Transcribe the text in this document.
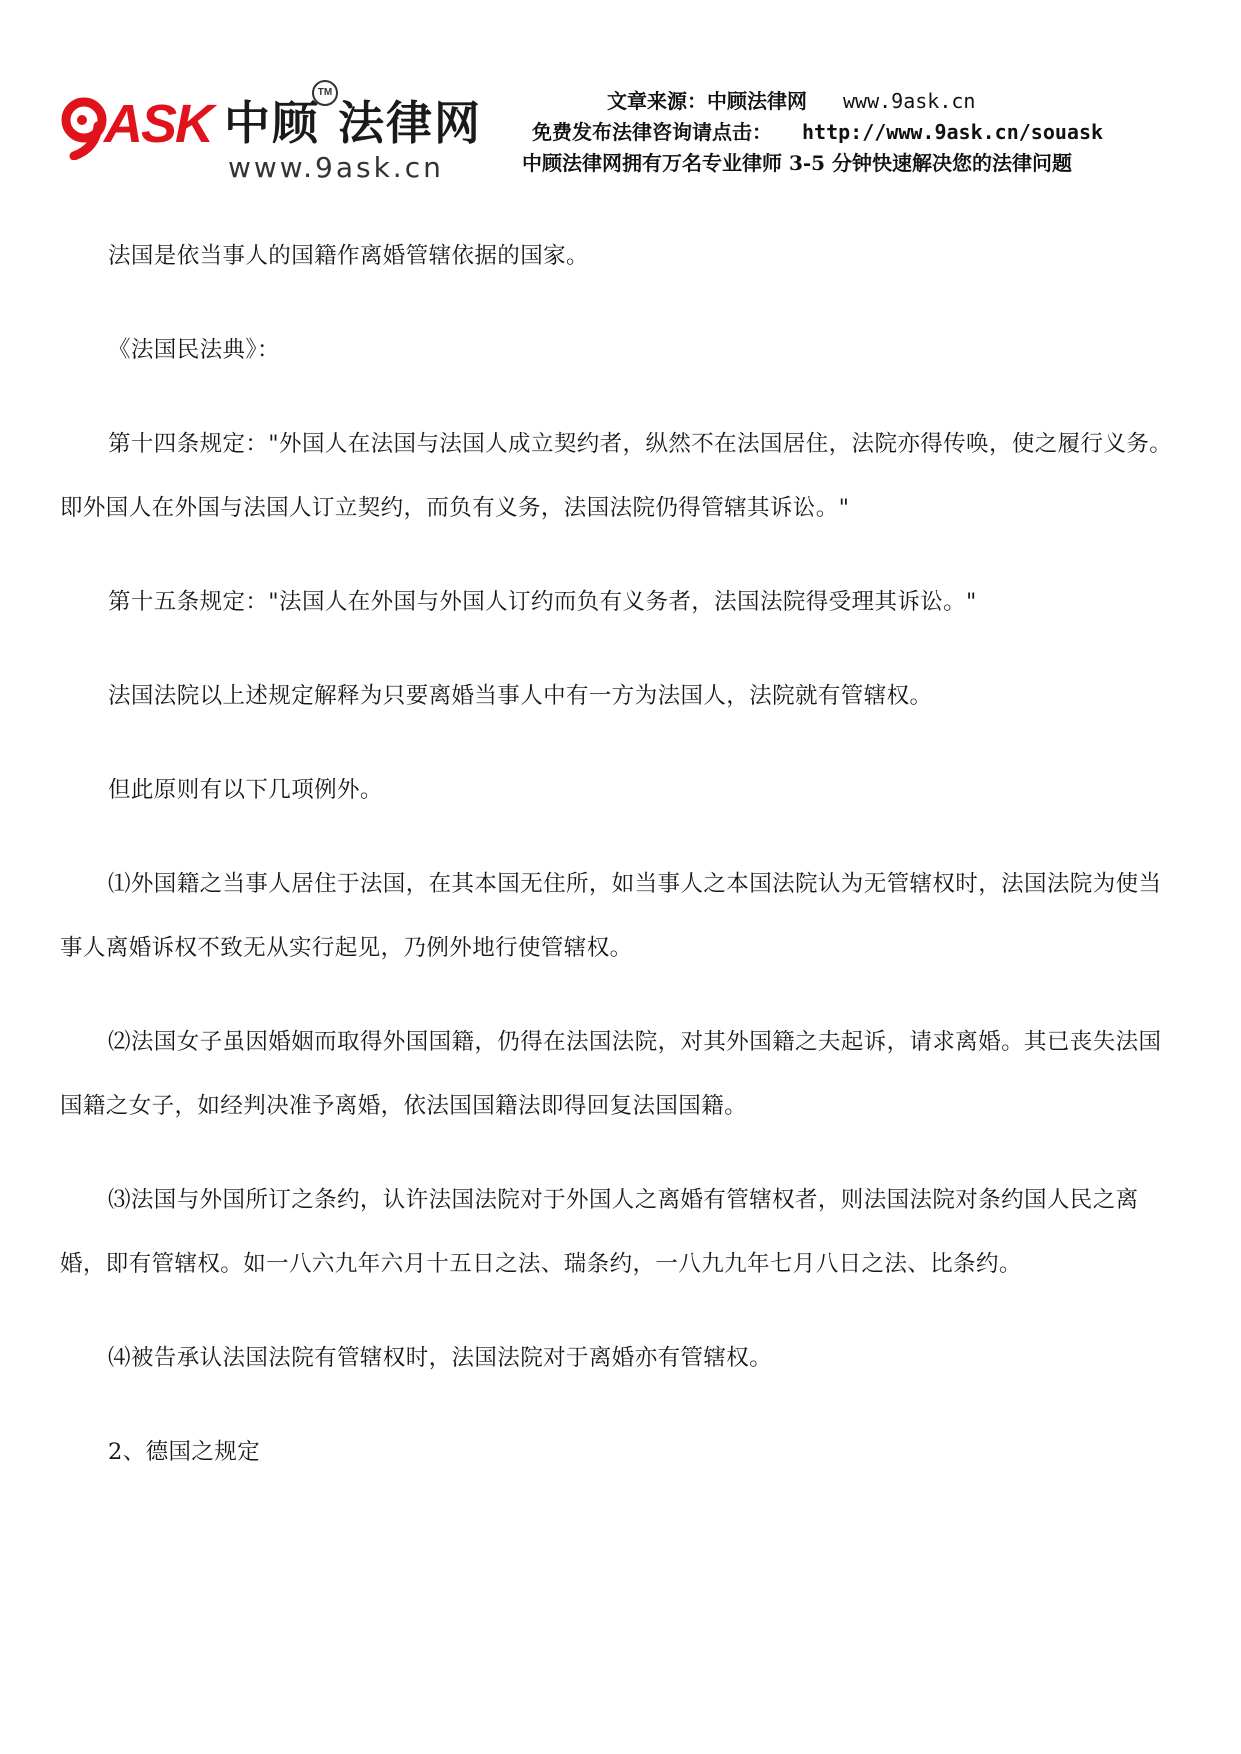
ASK 中顾 法律网
TM
www.9ask.cn
文章来源：中顾法律网 www.9ask.cn
免费发布法律咨询请点击： http://www.9ask.cn/souask
中顾法律网拥有万名专业律师 3-5 分钟快速解决您的法律问题

法国是依当事人的国籍作离婚管辖依据的国家。

《法国民法典》：

第十四条规定："外国人在法国与法国人成立契约者，纵然不在法国居住，法院亦得传唤，使之履行义务。即外国人在外国与法国人订立契约，而负有义务，法国法院仍得管辖其诉讼。"

第十五条规定："法国人在外国与外国人订约而负有义务者，法国法院得受理其诉讼。"

法国法院以上述规定解释为只要离婚当事人中有一方为法国人，法院就有管辖权。

但此原则有以下几项例外。

⑴外国籍之当事人居住于法国，在其本国无住所，如当事人之本国法院认为无管辖权时，法国法院为使当事人离婚诉权不致无从实行起见，乃例外地行使管辖权。

⑵法国女子虽因婚姻而取得外国国籍，仍得在法国法院，对其外国籍之夫起诉，请求离婚。其已丧失法国国籍之女子，如经判决准予离婚，依法国国籍法即得回复法国国籍。

⑶法国与外国所订之条约，认许法国法院对于外国人之离婚有管辖权者，则法国法院对条约国人民之离婚，即有管辖权。如一八六九年六月十五日之法、瑞条约，一八九九年七月八日之法、比条约。

⑷被告承认法国法院有管辖权时，法国法院对于离婚亦有管辖权。

2、德国之规定
